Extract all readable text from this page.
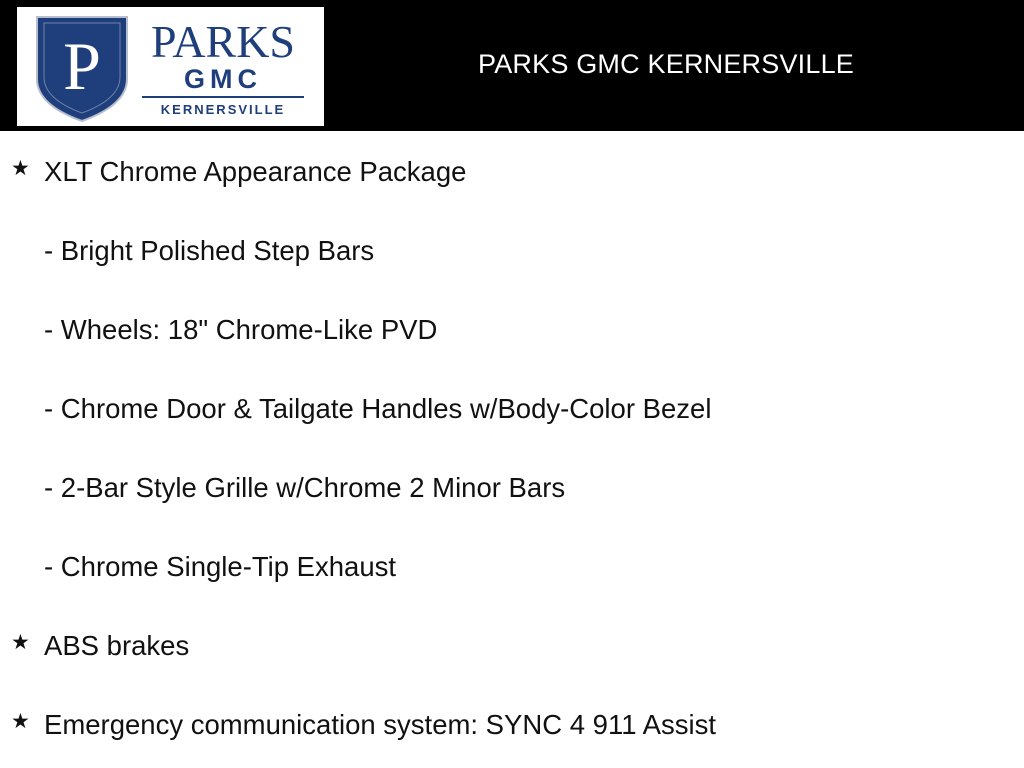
P PARKS
GMC
KERNERSVILLE
PARKS GMC KERNERSVILLE
★ XLT Chrome Appearance Package
- Bright Polished Step Bars
- Wheels: 18" Chrome-Like PVD
- Chrome Door & Tailgate Handles w/Body-Color Bezel
- 2-Bar Style Grille w/Chrome 2 Minor Bars
- Chrome Single-Tip Exhaust
★ ABS brakes
★ Emergency communication system: SYNC 4 911 Assist
